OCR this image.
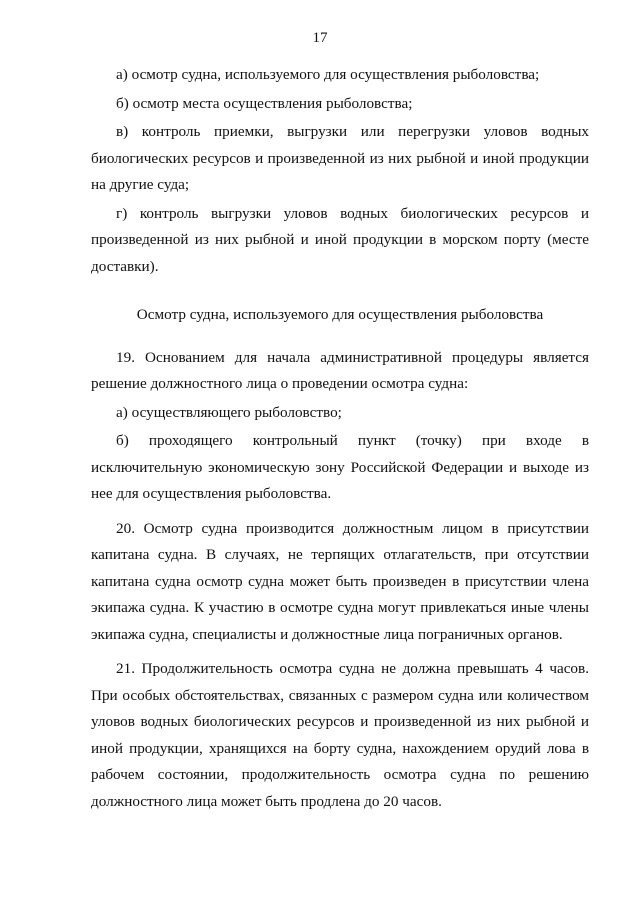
17

а) осмотр судна, используемого для осуществления рыболовства;

б) осмотр места осуществления рыболовства;

в) контроль приемки, выгрузки или перегрузки уловов водных биологических ресурсов и произведенной из них рыбной и иной продукции на другие суда;

г) контроль выгрузки уловов водных биологических ресурсов и произведенной из них рыбной и иной продукции в морском порту (месте доставки).

Осмотр судна, используемого для осуществления рыболовства

19. Основанием для начала административной процедуры является решение должностного лица о проведении осмотра судна:

а) осуществляющего рыболовство;

б) проходящего контрольный пункт (точку) при входе в исключительную экономическую зону Российской Федерации и выходе из нее для осуществления рыболовства.

20. Осмотр судна производится должностным лицом в присутствии капитана судна. В случаях, не терпящих отлагательств, при отсутствии капитана судна осмотр судна может быть произведен в присутствии члена экипажа судна. К участию в осмотре судна могут привлекаться иные члены экипажа судна, специалисты и должностные лица пограничных органов.

21. Продолжительность осмотра судна не должна превышать 4 часов. При особых обстоятельствах, связанных с размером судна или количеством уловов водных биологических ресурсов и произведенной из них рыбной и иной продукции, хранящихся на борту судна, нахождением орудий лова в рабочем состоянии, продолжительность осмотра судна по решению должностного лица может быть продлена до 20 часов.
